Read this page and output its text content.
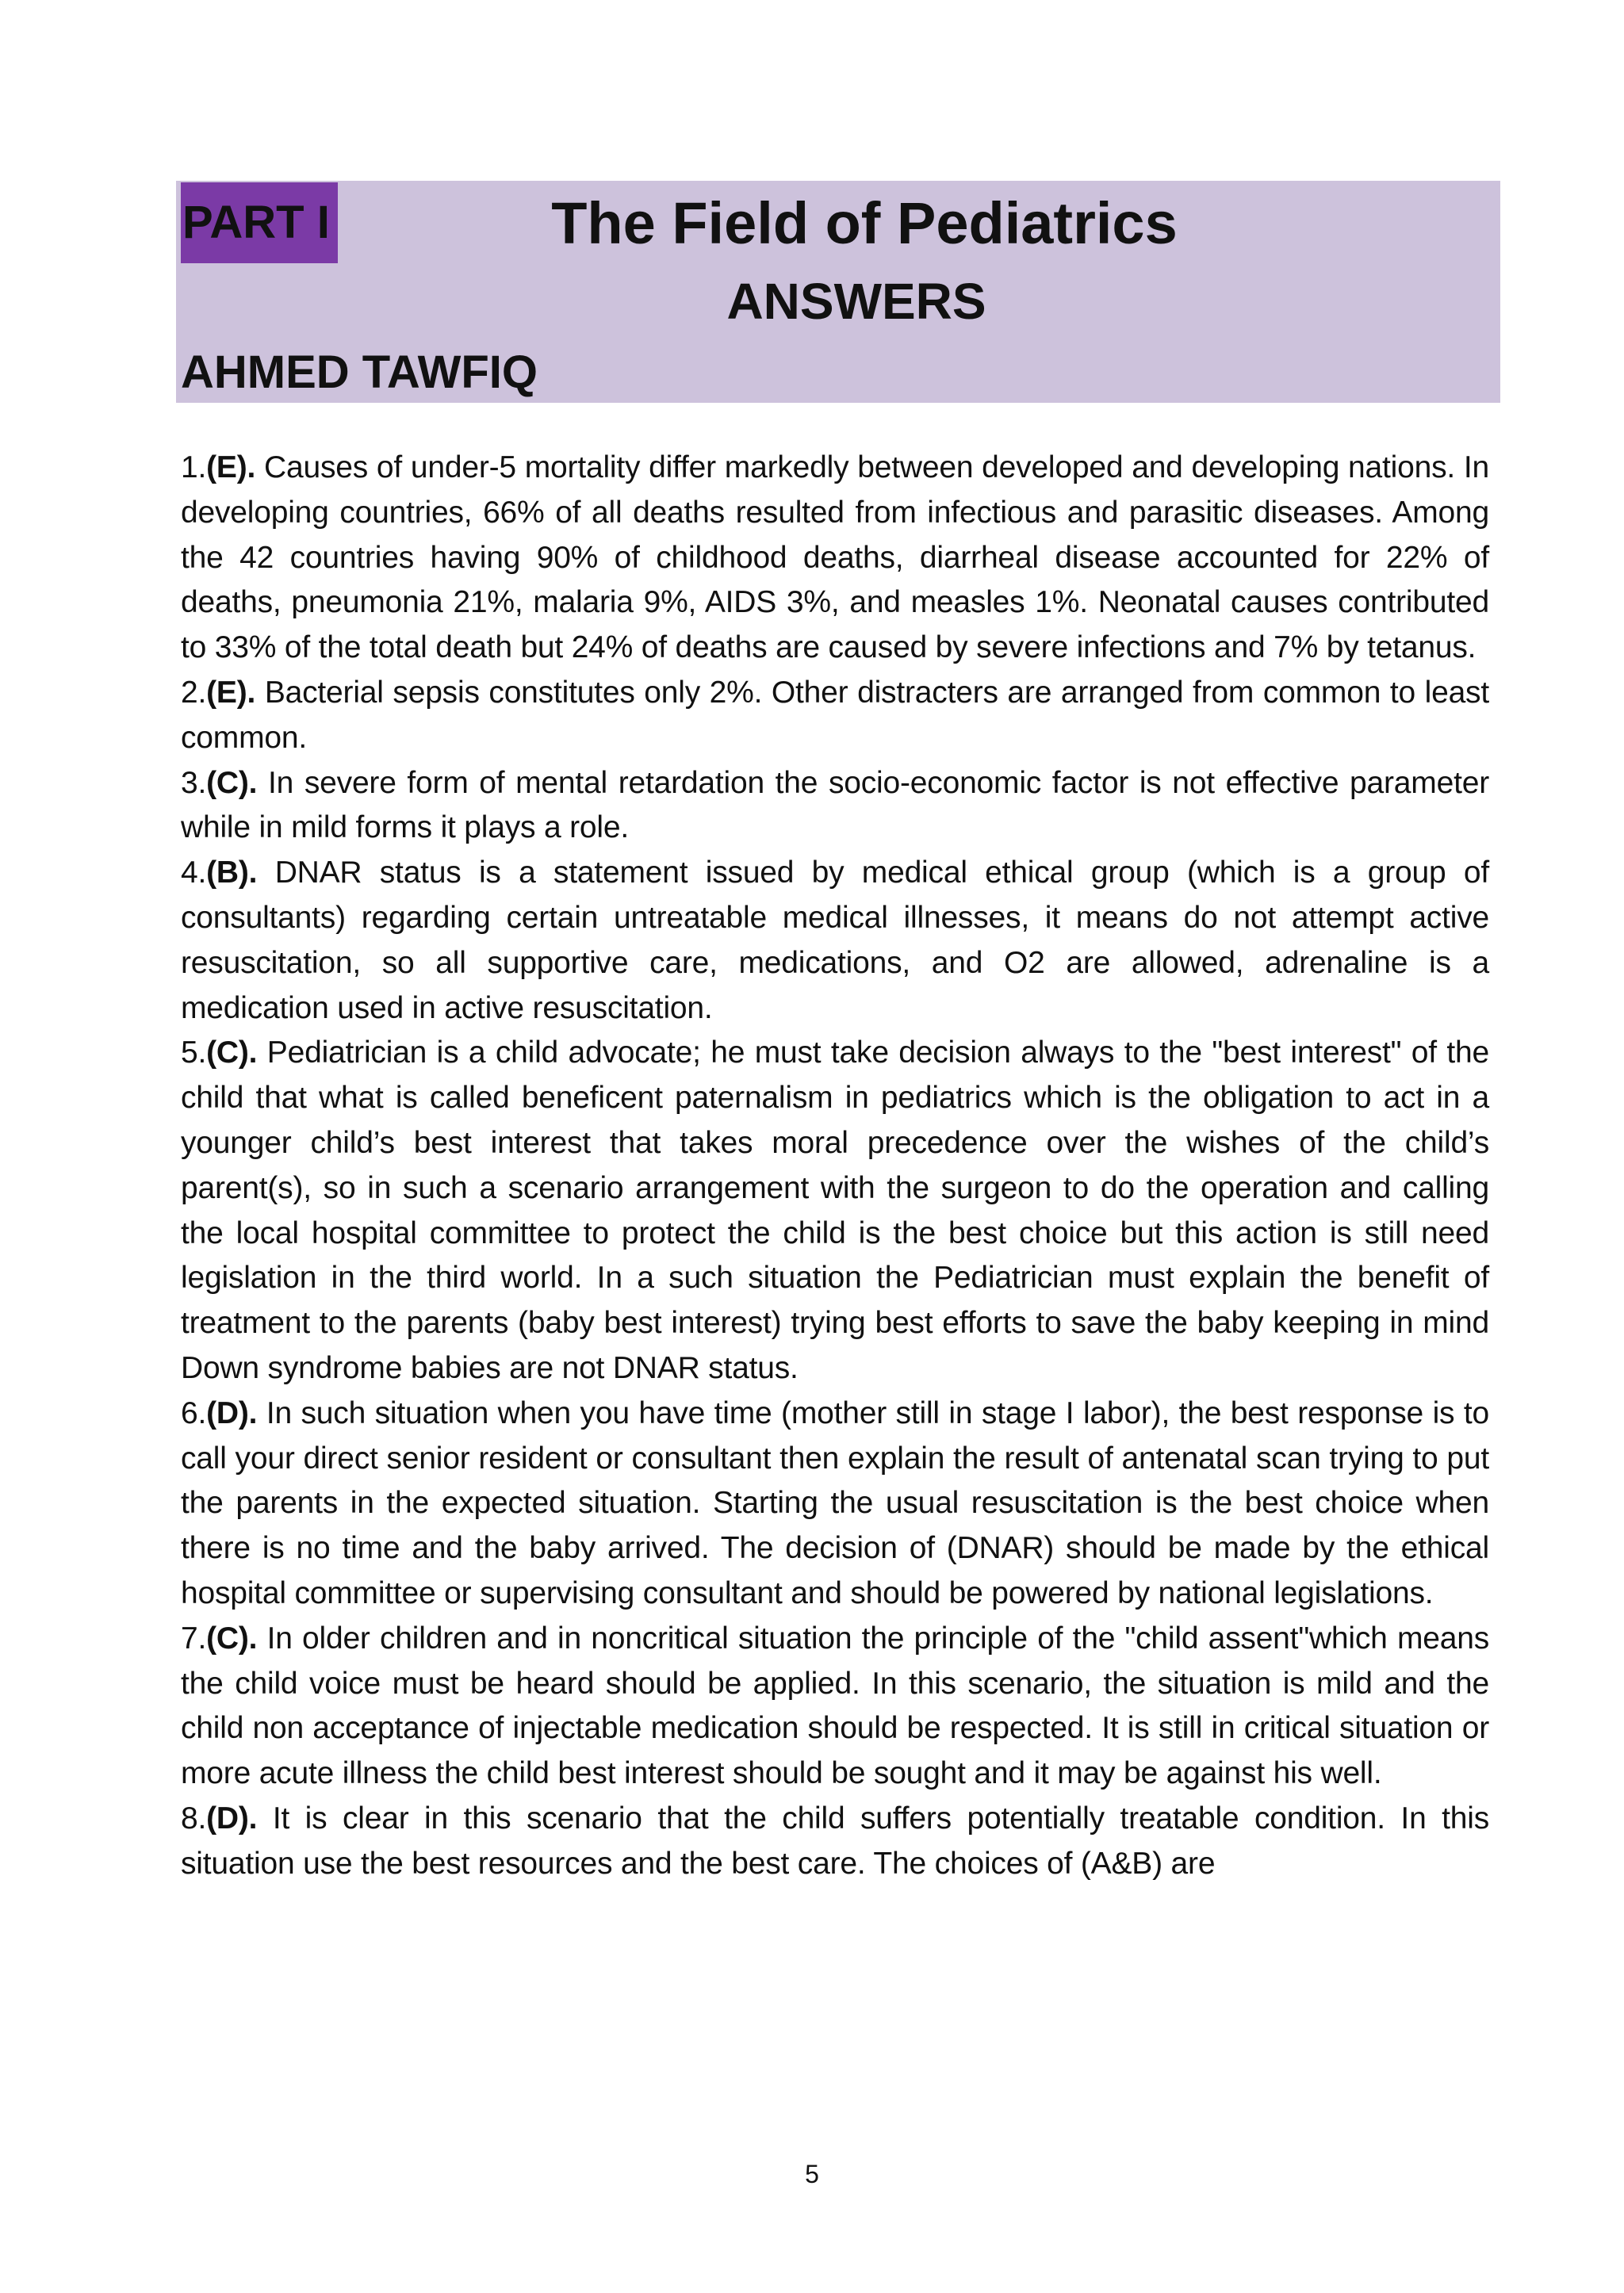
PART I	The Field of Pediatrics
ANSWERS
AHMED TAWFIQ

1.(E). Causes of under-5 mortality differ markedly between developed and developing nations. In developing countries, 66% of all deaths resulted from infectious and parasitic diseases. Among the 42 countries having 90% of childhood deaths, diarrheal disease accounted for 22% of deaths, pneumonia 21%, malaria 9%, AIDS 3%, and measles 1%. Neonatal causes contributed to 33% of the total death but 24% of deaths are caused by severe infections and 7% by tetanus.

2.(E). Bacterial sepsis constitutes only 2%. Other distracters are arranged from common to least common.

3.(C). In severe form of mental retardation the socio-economic factor is not effective parameter while in mild forms it plays a role.

4.(B). DNAR status is a statement issued by medical ethical group (which is a group of consultants) regarding certain untreatable medical illnesses, it means do not attempt active resuscitation, so all supportive care, medications, and O2 are allowed, adrenaline is a medication used in active resuscitation.

5.(C). Pediatrician is a child advocate; he must take decision always to the "best interest" of the child that what is called beneficent paternalism in pediatrics which is the obligation to act in a younger child’s best interest that takes moral precedence over the wishes of the child’s parent(s), so in such a scenario arrangement with the surgeon to do the operation and calling the local hospital committee to protect the child is the best choice but this action is still need legislation in the third world. In a such situation the Pediatrician must explain the benefit of treatment to the parents (baby best interest) trying best efforts to save the baby keeping in mind Down syndrome babies are not DNAR status.

6.(D). In such situation when you have time (mother still in stage I labor), the best response is to call your direct senior resident or consultant then explain the result of antenatal scan trying to put the parents in the expected situation. Starting the usual resuscitation is the best choice when there is no time and the baby arrived. The decision of (DNAR) should be made by the ethical hospital committee or supervising consultant and should be powered by national legislations.

7.(C). In older children and in noncritical situation the principle of the "child assent"which means the child voice must be heard should be applied. In this scenario, the situation is mild and the child non acceptance of injectable medication should be respected. It is still in critical situation or more acute illness the child best interest should be sought and it may be against his well.

8.(D). It is clear in this scenario that the child suffers potentially treatable condition. In this situation use the best resources and the best care. The choices of (A&B) are

5
